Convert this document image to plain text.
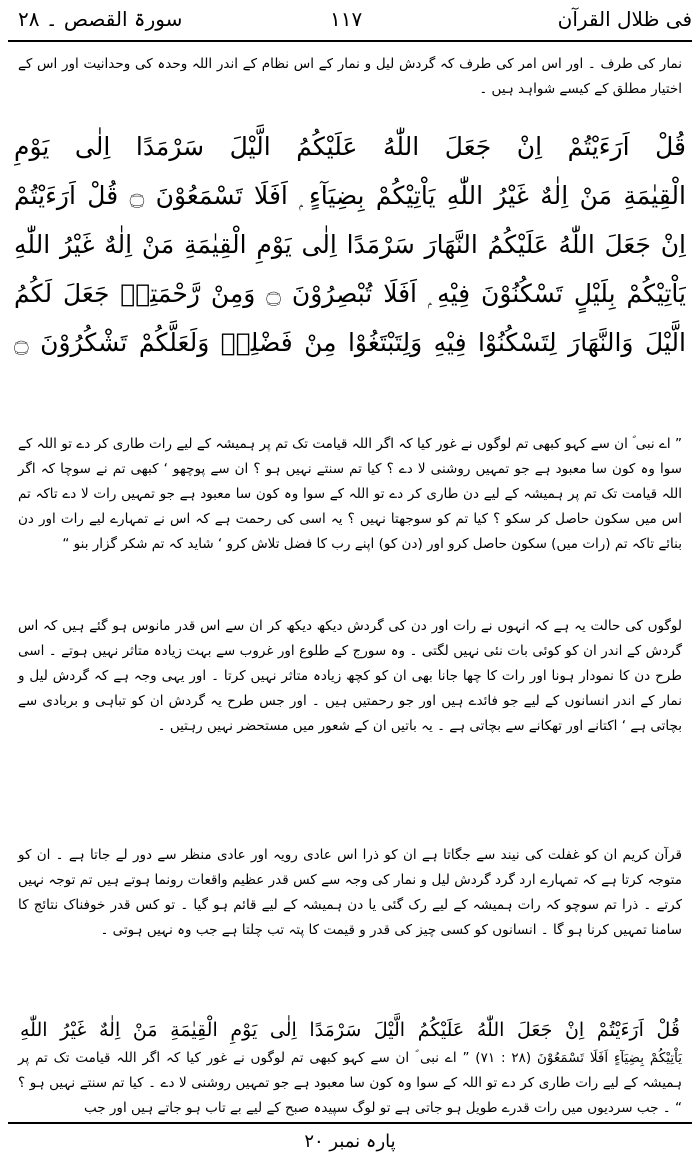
فی ظلال القرآن
۱۱۷
سورۃ القصص ۔ ۲۸
نمار کی طرف ۔ اور اس امر کی طرف کہ گردش لیل و نمار کے اس نظام کے اندر اللہ وحدہ کی وحدانیت اور اس کے اختیار مطلق کے کیسے شواہد ہیں ۔
قُلْ اَرَءَيْتُمْ اِنْ جَعَلَ اللّٰهُ عَلَيْكُمُ الَّيْلَ سَرْمَدًا اِلٰى يَوْمِ
الْقِيٰمَةِ مَنْ اِلٰهٌ غَيْرُ اللّٰهِ يَاْتِيْكُمْ بِضِيَآءٍ ۭ اَفَلَا تَسْمَعُوْنَ ۝ قُلْ اَرَءَيْتُمْ
اِنْ جَعَلَ اللّٰهُ عَلَيْكُمُ النَّهَارَ سَرْمَدًا اِلٰى يَوْمِ الْقِيٰمَةِ مَنْ اِلٰهٌ غَيْرُ اللّٰهِ
يَاْتِيْكُمْ بِلَيْلٍ تَسْكُنُوْنَ فِيْهِ ۭ اَفَلَا تُبْصِرُوْنَ ۝ وَمِنْ رَّحْمَتِهٖ جَعَلَ لَكُمُ
الَّيْلَ وَالنَّهَارَ لِتَسْكُنُوْا فِيْهِ وَلِتَبْتَغُوْا مِنْ فَضْلِهٖ وَلَعَلَّكُمْ تَشْكُرُوْنَ ۝
” اے نبی ؐ ان سے کہو کبھی تم لوگوں نے غور کیا کہ اگر اللہ قیامت تک تم پر ہمیشہ کے لیے رات طاری کر دے تو اللہ کے سوا وہ کون سا معبود ہے جو تمہیں روشنی لا دے ؟ کیا تم سنتے نہیں ہو ؟ ان سے پوچھو ‘ کبھی تم نے سوچا کہ اگر اللہ قیامت تک تم پر ہمیشہ کے لیے دن طاری کر دے تو اللہ کے سوا وہ کون سا معبود ہے جو تمہیں رات لا دے تاکہ تم اس میں سکون حاصل کر سکو ؟ کیا تم کو سوجھتا نہیں ؟ یہ اسی کی رحمت ہے کہ اس نے تمہارے لیے رات اور دن بنائے تاکہ تم (رات میں) سکون حاصل کرو اور (دن کو) اپنے رب کا فضل تلاش کرو ‘ شاید کہ تم شکر گزار بنو “
لوگوں کی حالت یہ ہے کہ انہوں نے رات اور دن کی گردش دیکھ دیکھ کر ان سے اس قدر مانوس ہو گئے ہیں کہ اس گردش کے اندر ان کو کوئی بات نئی نہیں لگتی ۔ وہ سورج کے طلوع اور غروب سے بہت زیادہ متاثر نہیں ہوتے ۔ اسی طرح دن کا نمودار ہونا اور رات کا چھا جانا بھی ان کو کچھ زیادہ متاثر نہیں کرتا ۔ اور یہی وجہ ہے کہ گردش لیل و نمار کے اندر انسانوں کے لیے جو فائدے ہیں اور جو رحمتیں ہیں ۔ اور جس طرح یہ گردش ان کو تباہی و بربادی سے بچاتی ہے ‘ اکتانے اور تھکانے سے بچاتی ہے ۔ یہ باتیں ان کے شعور میں مستحضر نہیں رہتیں ۔
قرآن کریم ان کو غفلت کی نیند سے جگاتا ہے ان کو ذرا اس عادی رویہ اور عادی منظر سے دور لے جاتا ہے ۔ ان کو متوجہ کرتا ہے کہ تمہارے ارد گرد گردش لیل و نمار کی وجہ سے کس قدر عظیم واقعات رونما ہوتے ہیں تم توجہ نہیں کرتے ۔ ذرا تم سوچو کہ رات ہمیشہ کے لیے رک گئی یا دن ہمیشہ کے لیے قائم ہو گیا ۔ تو کس قدر خوفناک نتائج کا سامنا تمہیں کرنا ہو گا ۔ انسانوں کو کسی چیز کی قدر و قیمت کا پتہ تب چلتا ہے جب وہ نہیں ہوتی ۔
قُلْ اَرَءَيْتُمْ اِنْ جَعَلَ اللّٰهُ عَلَيْكُمُ الَّيْلَ سَرْمَدًا اِلٰى يَوْمِ الْقِيٰمَةِ مَنْ اِلٰهٌ غَيْرُ اللّٰهِ
يَاْتِيْكُمْ بِضِيَآءٍ اَفَلَا تَسْمَعُوْنَ (۲۸ : ۷۱) ” اے نبی ؐ ان سے کہو کبھی تم لوگوں نے غور کیا کہ اگر اللہ قیامت تک تم پر ہمیشہ کے لیے رات طاری کر دے تو اللہ کے سوا وہ کون سا معبود ہے جو تمہیں روشنی لا دے ۔ کیا تم سنتے نہیں ہو ؟ “ ۔ جب سردیوں میں رات قدرے طویل ہو جاتی ہے تو لوگ سپیدہ صبح کے لیے بے تاب ہو جاتے ہیں اور جب
پارہ نمبر ۲۰
